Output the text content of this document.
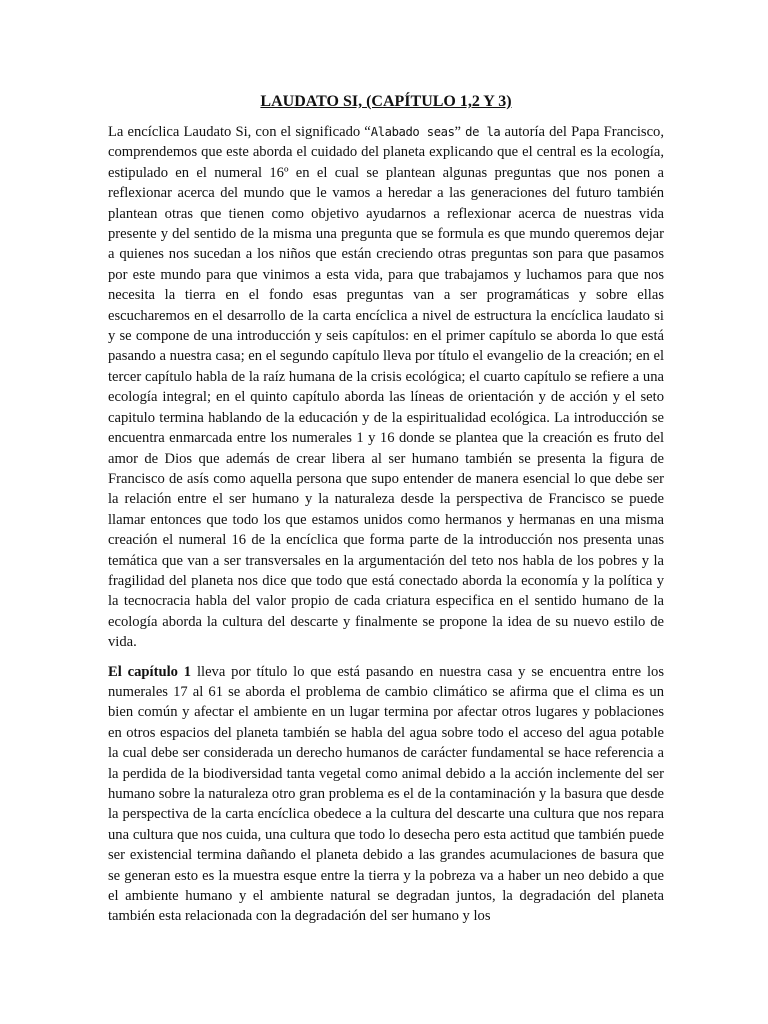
LAUDATO SI, (CAPÍTULO 1,2 Y 3)

La encíclica Laudato Si, con el significado “Alabado seas” de la autoría del Papa Francisco, comprendemos que este aborda el cuidado del planeta explicando que el central es la ecología, estipulado en el numeral 16º en el cual se plantean algunas preguntas que nos ponen a reflexionar acerca del mundo que le vamos a heredar a las generaciones del futuro también plantean otras que tienen como objetivo ayudarnos a reflexionar acerca de nuestras vida presente y del sentido de la misma una pregunta que se formula es que mundo queremos dejar a quienes nos sucedan a los niños que están creciendo otras preguntas son para que pasamos por este mundo para que vinimos a esta vida, para que trabajamos y luchamos para que nos necesita la tierra en el fondo esas preguntas van a ser programáticas y sobre ellas escucharemos en el desarrollo de la carta encíclica a nivel de estructura la encíclica laudato si y se compone de una introducción y seis capítulos: en el primer capítulo se aborda lo que está pasando a nuestra casa; en el segundo capítulo lleva por título el evangelio de la creación; en el tercer capítulo habla de la raíz humana de la crisis ecológica; el cuarto capítulo se refiere a una ecología integral; en el quinto capítulo aborda las líneas de orientación y de acción y el seto capitulo termina hablando de la educación y de la espiritualidad ecológica. La introducción se encuentra enmarcada entre los numerales 1 y 16 donde se plantea que la creación es fruto del amor de Dios que además de crear libera al ser humano también se presenta la figura de Francisco de asís como aquella persona que supo entender de manera esencial lo que debe ser la relación entre el ser humano y la naturaleza desde la perspectiva de Francisco se puede llamar entonces que todo los que estamos unidos como hermanos y hermanas en una misma creación el numeral 16 de la encíclica que forma parte de la introducción nos presenta unas temática que van a ser transversales en la argumentación del teto nos habla de los pobres y la fragilidad del planeta nos dice que todo que está conectado aborda la economía y la política y la tecnocracia habla del valor propio de cada criatura especifica en el sentido humano de la ecología aborda la cultura del descarte y finalmente se propone la idea de su nuevo estilo de vida.

El capítulo 1 lleva por título lo que está pasando en nuestra casa y se encuentra entre los numerales 17 al 61 se aborda el problema de cambio climático se afirma que el clima es un bien común y afectar el ambiente en un lugar termina por afectar otros lugares y poblaciones en otros espacios del planeta también se habla del agua sobre todo el acceso del agua potable la cual debe ser considerada un derecho humanos de carácter fundamental se hace referencia a la perdida de la biodiversidad tanta vegetal como animal debido a la acción inclemente del ser humano sobre la naturaleza otro gran problema es el de la contaminación y la basura que desde la perspectiva de la carta encíclica obedece a la cultura del descarte una cultura que nos repara una cultura que nos cuida, una cultura que todo lo desecha pero esta actitud que también puede ser existencial termina dañando el planeta debido a las grandes acumulaciones de basura que se generan esto es la muestra esque entre la tierra y la pobreza va a haber un neo debido a que el ambiente humano y el ambiente natural se degradan juntos, la degradación del planeta también esta relacionada con la degradación del ser humano y los
